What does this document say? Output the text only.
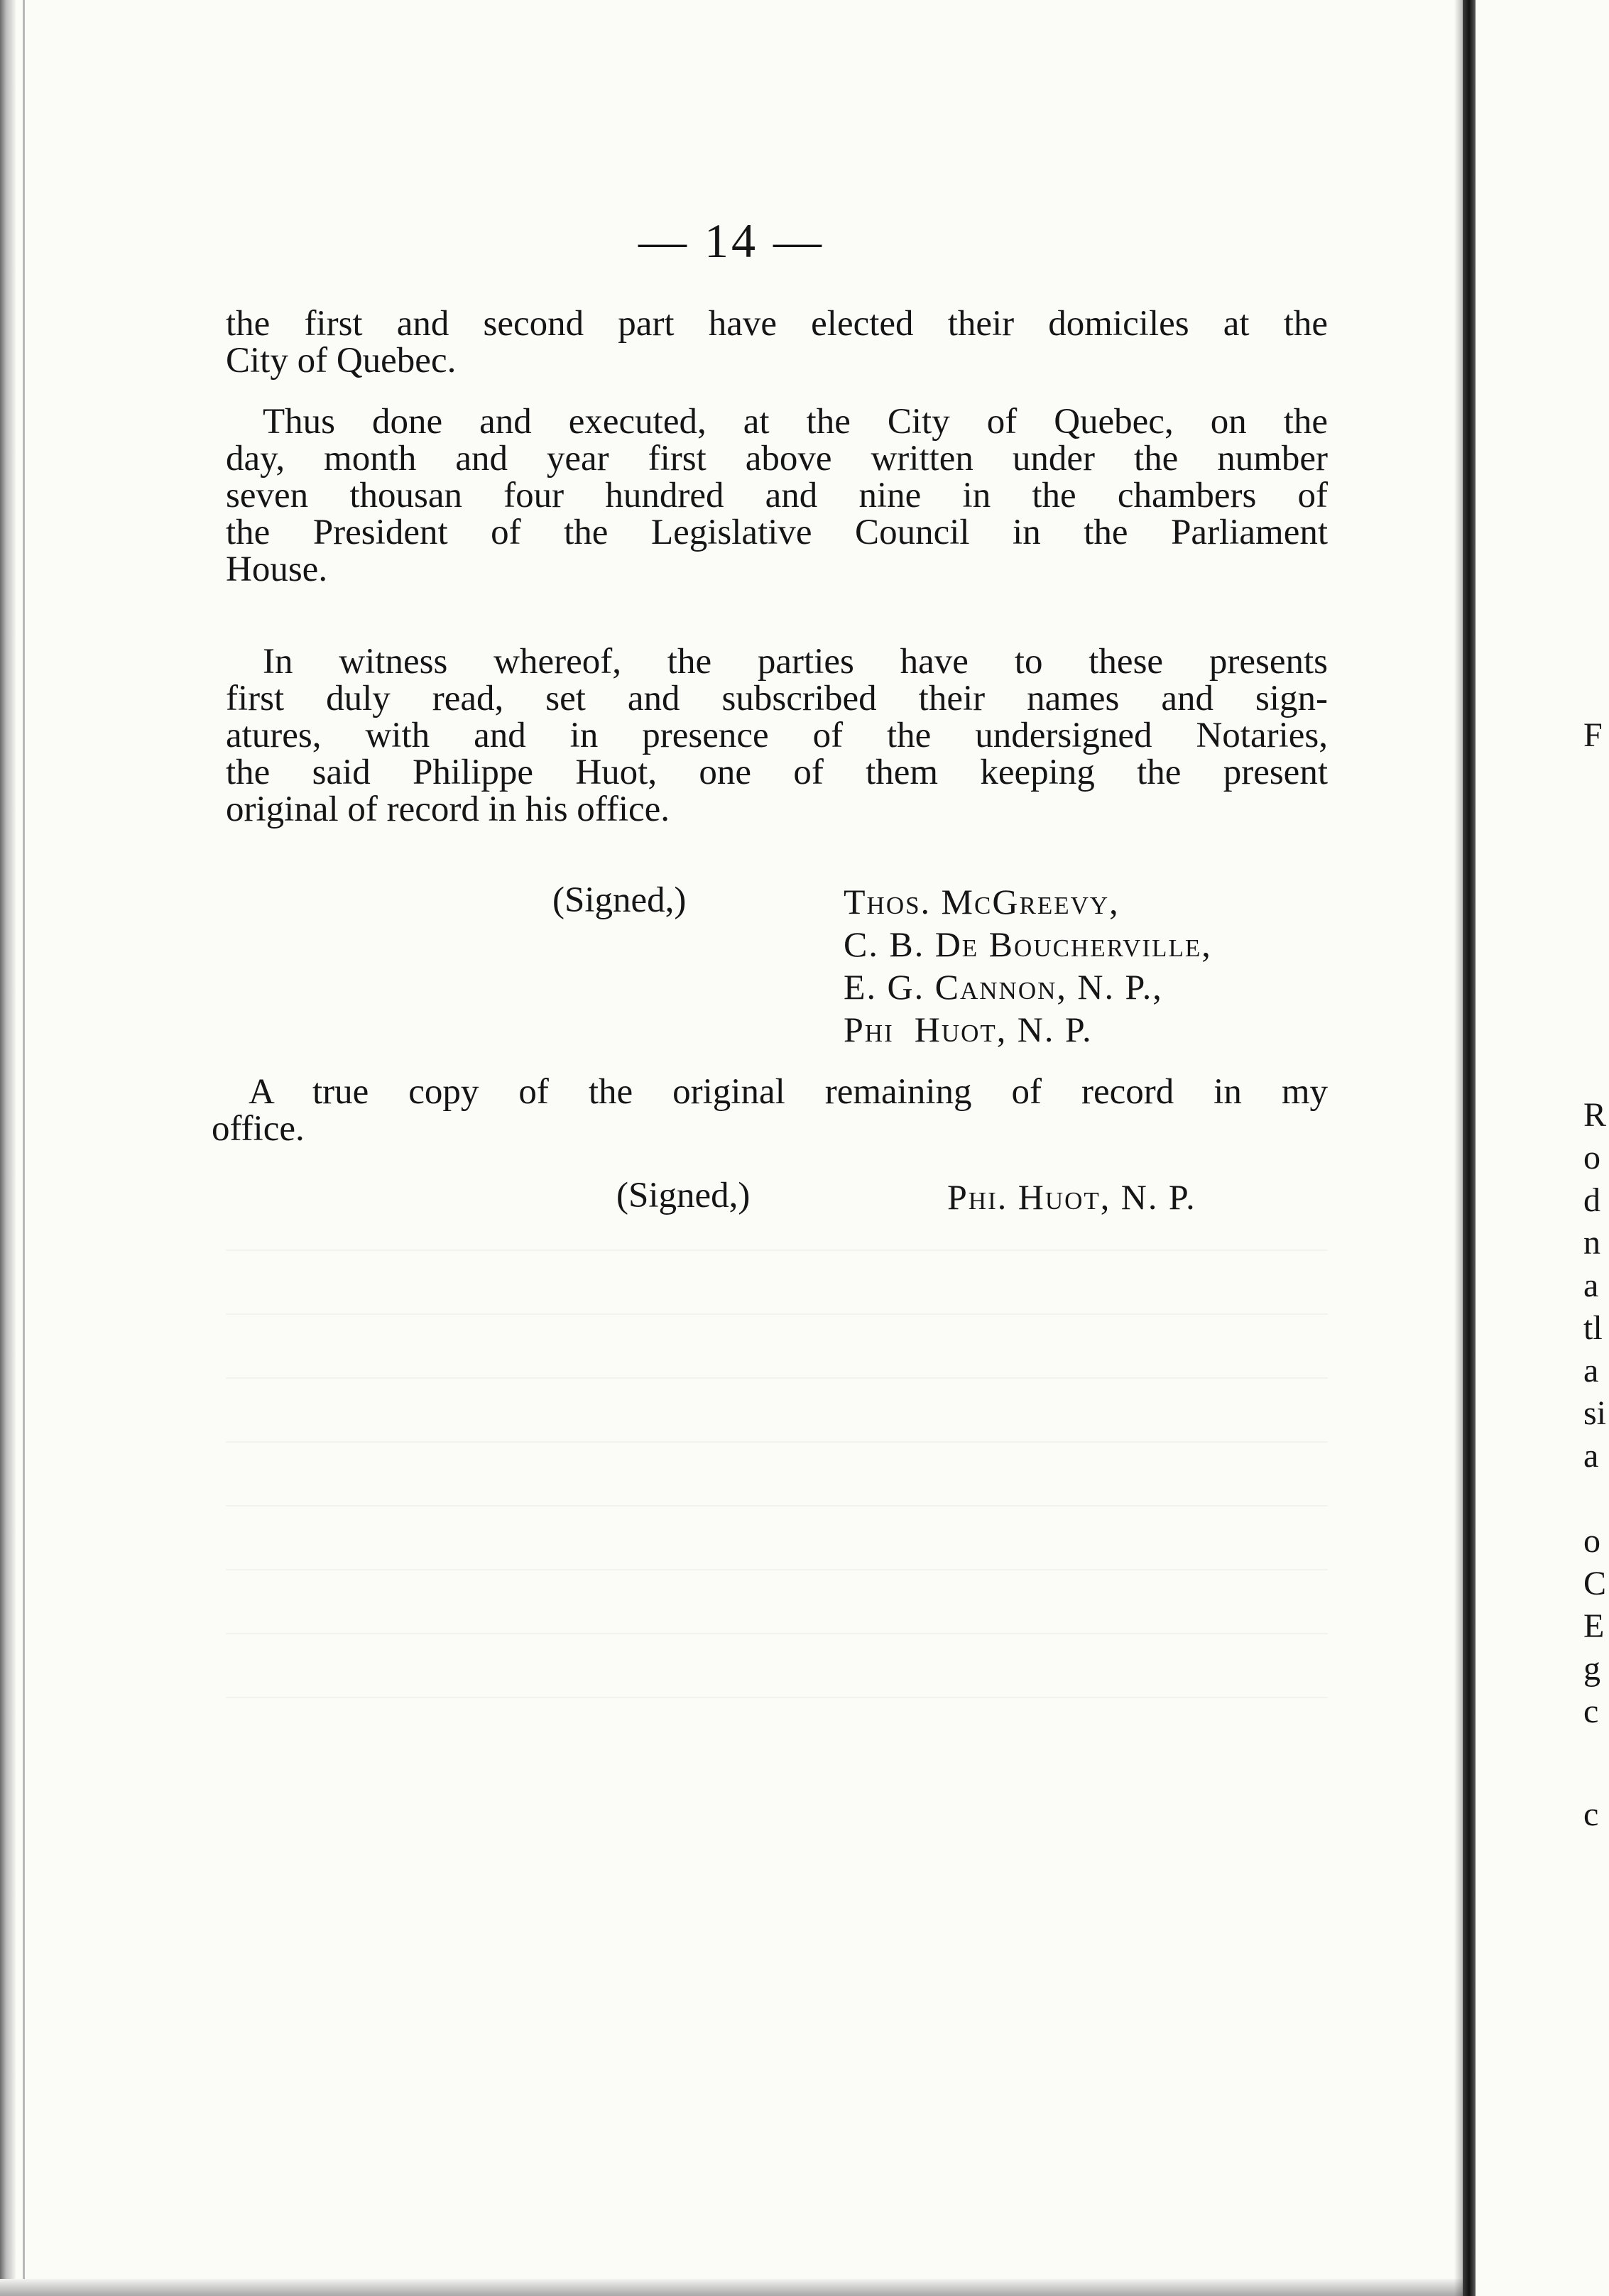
— 14 —

the first and second part have elected their domiciles at the
City of Quebec.

Thus done and executed, at the City of Quebec, on the
day, month and year first above written under the number
seven thousan four hundred and nine in the chambers of
the President of the Legislative Council in the Parliament
House.

In witness whereof, the parties have to these presents
first duly read, set and subscribed their names and sign-
atures, with and in presence of the undersigned Notaries,
the said Philippe Huot, one of them keeping the present
original of record in his office.

(Signed,)	Thos. McGreevy,
C. B. De Boucherville,
E. G. Cannon, N. P.,
Phi  Huot, N. P.

A true copy of the original remaining of record in my
office.

(Signed,)	Phi. Huot, N. P.
F
R
o
d
n
a
tl
a
si
a
o
C
E
g
c
c
